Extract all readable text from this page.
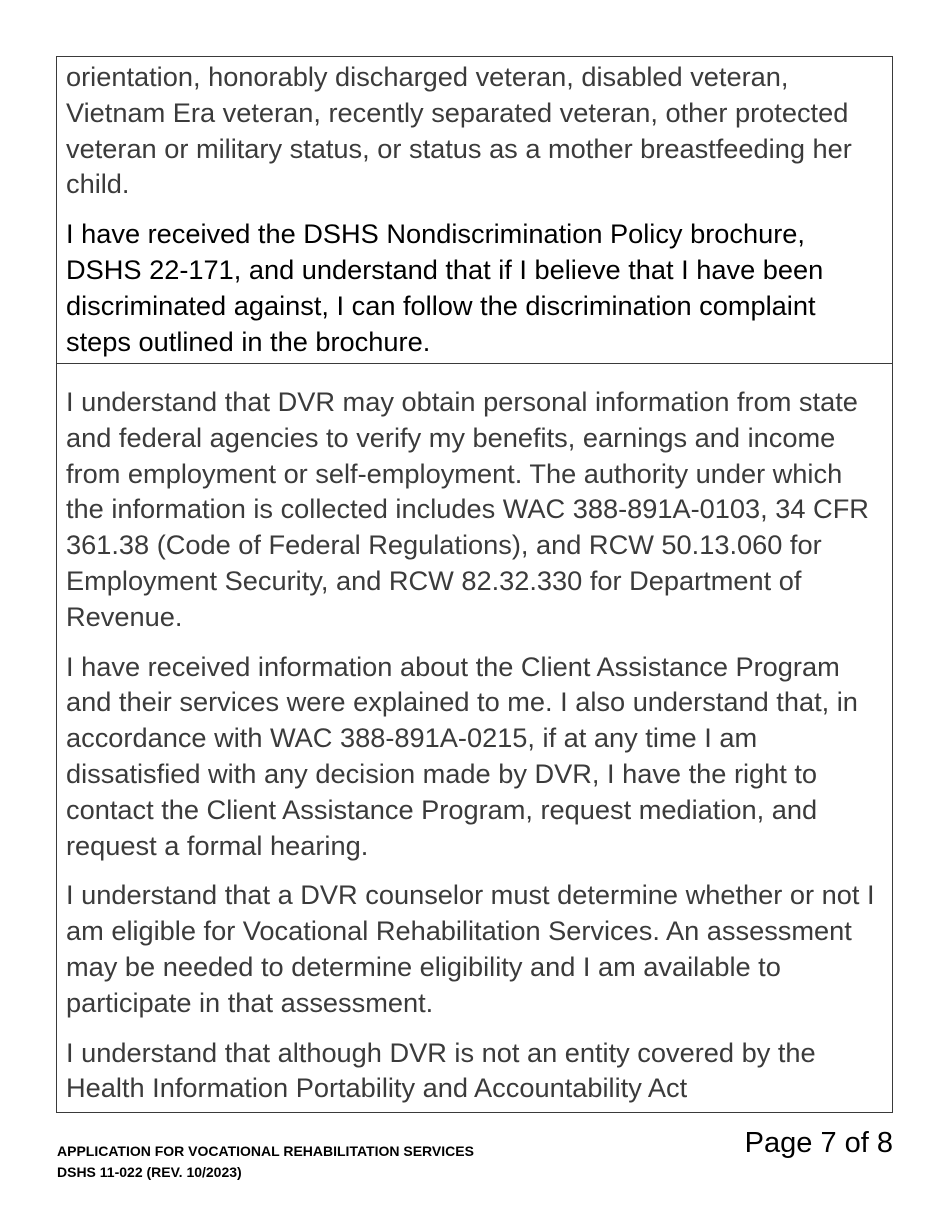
orientation, honorably discharged veteran, disabled veteran, Vietnam Era veteran, recently separated veteran, other protected veteran or military status, or status as a mother breastfeeding her child.

I have received the DSHS Nondiscrimination Policy brochure, DSHS 22-171, and understand that if I believe that I have been discriminated against, I can follow the discrimination complaint steps outlined in the brochure.

I understand that DVR may obtain personal information from state and federal agencies to verify my benefits, earnings and income from employment or self-employment. The authority under which the information is collected includes WAC 388-891A-0103, 34 CFR 361.38 (Code of Federal Regulations), and RCW 50.13.060 for Employment Security, and RCW 82.32.330 for Department of Revenue.

I have received information about the Client Assistance Program and their services were explained to me. I also understand that, in accordance with WAC 388-891A-0215, if at any time I am dissatisfied with any decision made by DVR, I have the right to contact the Client Assistance Program, request mediation, and request a formal hearing.

I understand that a DVR counselor must determine whether or not I am eligible for Vocational Rehabilitation Services. An assessment may be needed to determine eligibility and I am available to participate in that assessment.

I understand that although DVR is not an entity covered by the Health Information Portability and Accountability Act

APPLICATION FOR VOCATIONAL REHABILITATION SERVICES
DSHS 11-022 (REV. 10/2023)
Page 7 of 8
